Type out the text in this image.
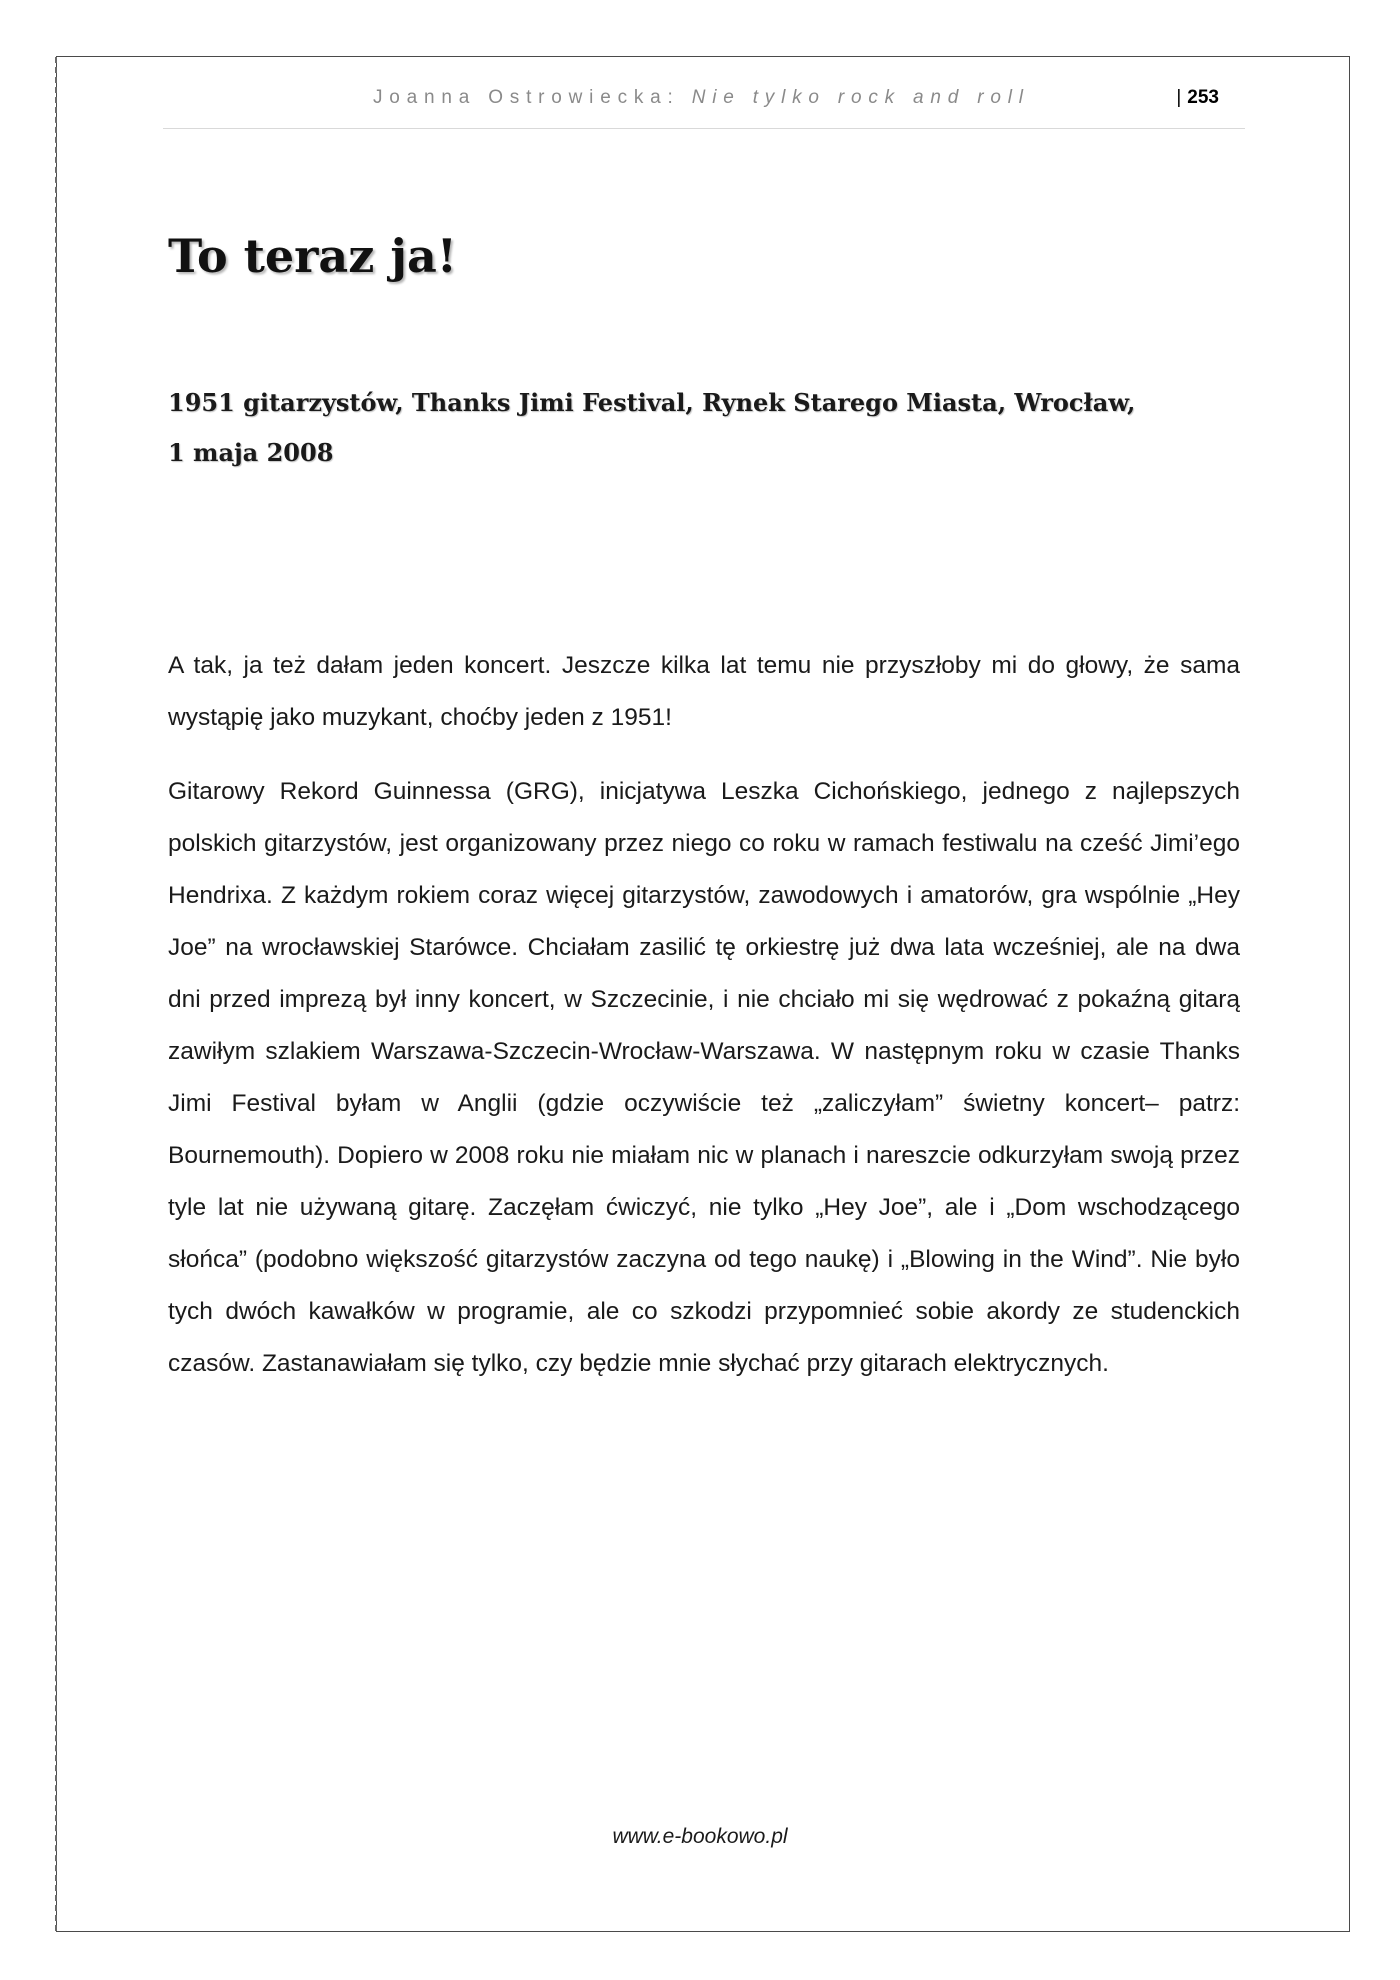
Joanna Ostrowiecka: Nie tylko rock and roll	| 253
To teraz ja!
1951 gitarzystów, Thanks Jimi Festival, Rynek Starego Miasta, Wrocław,
1 maja 2008

A tak, ja też dałam jeden koncert. Jeszcze kilka lat temu nie przyszłoby mi do głowy, że sama wystąpię jako muzykant, choćby jeden z 1951!

Gitarowy Rekord Guinnessa (GRG), inicjatywa Leszka Cichońskiego, jednego z najlepszych polskich gitarzystów, jest organizowany przez niego co roku w ramach festiwalu na cześć Jimi’ego Hendrixa. Z każdym rokiem coraz więcej gitarzystów, zawodowych i amatorów, gra wspólnie „Hey Joe” na wrocławskiej Starówce. Chciałam zasilić tę orkiestrę już dwa lata wcześniej, ale na dwa dni przed imprezą był inny koncert, w Szczecinie, i nie chciało mi się wędrować z pokaźną gitarą zawiłym szlakiem Warszawa-Szczecin-Wrocław-Warszawa. W następnym roku w czasie Thanks Jimi Festival byłam w Anglii (gdzie oczywiście też „zaliczyłam” świetny koncert– patrz: Bournemouth). Dopiero w 2008 roku nie miałam nic w planach i nareszcie odkurzyłam swoją przez tyle lat nie używaną gitarę. Zaczęłam ćwiczyć, nie tylko „Hey Joe”, ale i „Dom wschodzącego słońca” (podobno większość gitarzystów zaczyna od tego naukę) i „Blowing in the Wind”. Nie było tych dwóch kawałków w programie, ale co szkodzi przypomnieć sobie akordy ze studenckich czasów. Zastanawiałam się tylko, czy będzie mnie słychać przy gitarach elektrycznych.

www.e-bookowo.pl
